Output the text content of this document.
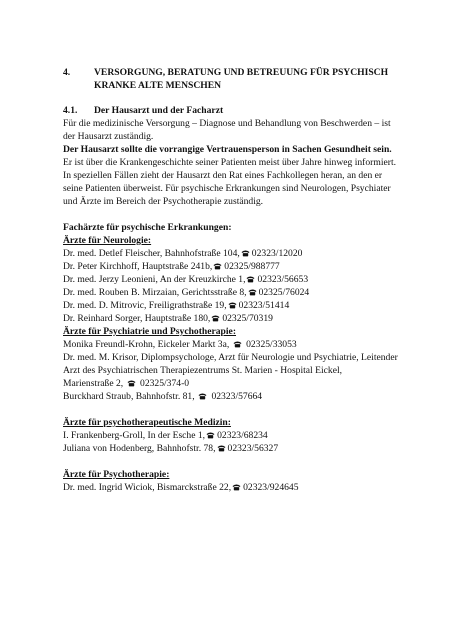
4. VERSORGUNG, BERATUNG UND BETREUUNG FÜR PSYCHISCH
KRANKE ALTE MENSCHEN
4.1. Der Hausarzt und der Facharzt
Für die medizinische Versorgung – Diagnose und Behandlung von Beschwerden – ist
der Hausarzt zuständig.
Der Hausarzt sollte die vorrangige Vertrauensperson in Sachen Gesundheit sein.
Er ist über die Krankengeschichte seiner Patienten meist über Jahre hinweg informiert.
In speziellen Fällen zieht der Hausarzt den Rat eines Fachkollegen heran, an den er
seine Patienten überweist. Für psychische Erkrankungen sind Neurologen, Psychiater
und Ärzte im Bereich der Psychotherapie zuständig.
Fachärzte für psychische Erkrankungen:
Ärzte für Neurologie:
Dr. med. Detlef Fleischer, Bahnhofstraße 104, 02323/12020
Dr. Peter Kirchhoff, Hauptstraße 241b, 02325/988777
Dr. med. Jerzy Leonieni, An der Kreuzkirche 1, 02323/56653
Dr. med. Rouben B. Mirzaian, Gerichtsstraße 8, 02325/76024
Dr. med. D. Mitrovic, Freiligrathstraße 19, 02323/51414
Dr. Reinhard Sorger, Hauptstraße 180, 02325/70319
Ärzte für Psychiatrie und Psychotherapie:
Monika Freundl-Krohn, Eickeler Markt 3a, 02325/33053
Dr. med. M. Krisor, Diplompsychologe, Arzt für Neurologie und Psychiatrie, Leitender
Arzt des Psychiatrischen Therapiezentrums St. Marien - Hospital Eickel,
Marienstraße 2, 02325/374-0
Burckhard Straub, Bahnhofstr. 81, 02323/57664
Ärzte für psychotherapeutische Medizin:
I. Frankenberg-Groll, In der Esche 1, 02323/68234
Juliana von Hodenberg, Bahnhofstr. 78, 02323/56327
Ärzte für Psychotherapie:
Dr. med. Ingrid Wiciok, Bismarckstraße 22, 02323/924645
